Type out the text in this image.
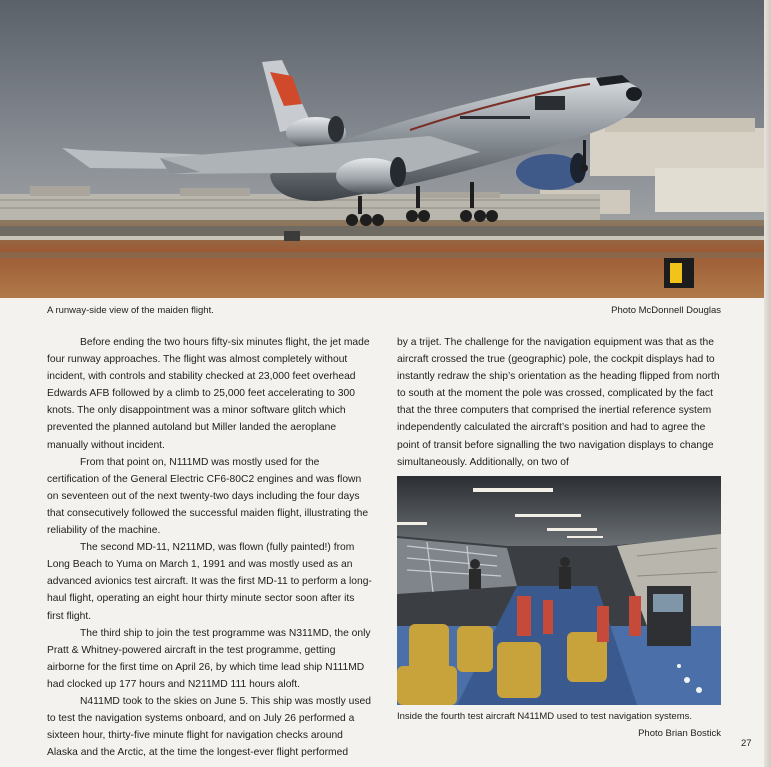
A runway-side view of the maiden flight.	Photo McDonnell Douglas

Before ending the two hours fifty-six minutes flight, the jet made four runway approaches. The flight was almost completely without incident, with controls and stability checked at 23,000 feet overhead Edwards AFB followed by a climb to 25,000 feet accelerating to 300 knots. The only disappointment was a minor software glitch which prevented the planned autoland but Miller landed the aeroplane manually without incident.

From that point on, N111MD was mostly used for the certification of the General Electric CF6-80C2 engines and was flown on seventeen out of the next twenty-two days including the four days that consecutively followed the successful maiden flight, illustrating the reliability of the machine.

The second MD-11, N211MD, was flown (fully painted!) from Long Beach to Yuma on March 1, 1991 and was mostly used as an advanced avionics test aircraft. It was the first MD-11 to perform a long-haul flight, operating an eight hour thirty minute sector soon after its first flight.

The third ship to join the test programme was N311MD, the only Pratt & Whitney-powered aircraft in the test programme, getting airborne for the first time on April 26, by which time lead ship N111MD had clocked up 177 hours and N211MD 111 hours aloft.

N411MD took to the skies on June 5. This ship was mostly used to test the navigation systems onboard, and on July 26 performed a sixteen hour, thirty-five minute flight for navigation checks around Alaska and the Arctic, at the time the longest-ever flight performed

by a trijet. The challenge for the navigation equipment was that as the aircraft crossed the true (geographic) pole, the cockpit displays had to instantly redraw the ship’s orientation as the heading flipped from north to south at the moment the pole was crossed, complicated by the fact that the three computers that comprised the inertial reference system independently calculated the aircraft’s position and had to agree the point of transit before signalling the two navigation displays to change simultaneously. Additionally, on two of

Inside the fourth test aircraft N411MD used to test navigation systems.
Photo Brian Bostick
27
